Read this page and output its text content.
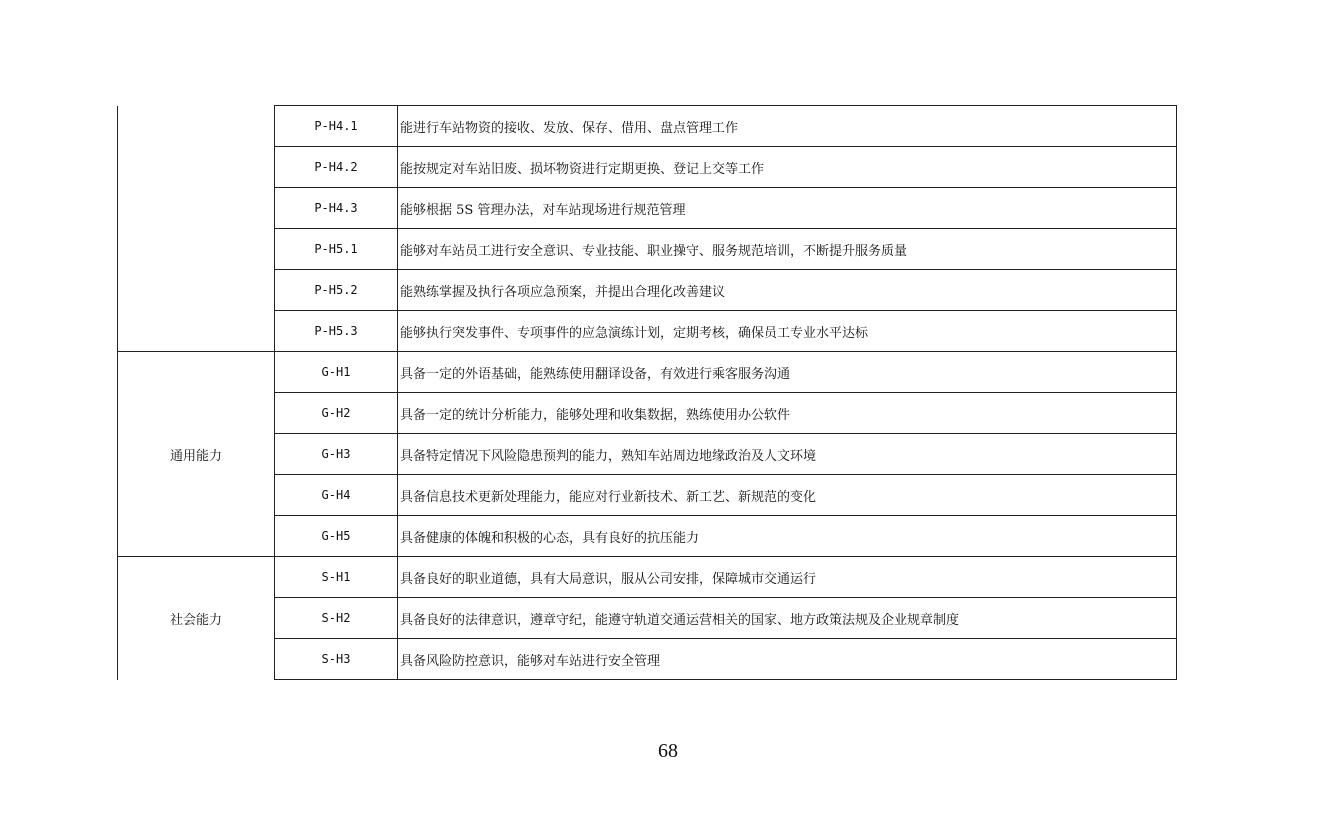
	P-H4.1	能进行车站物资的接收、发放、保存、借用、盘点管理工作
	P-H4.2	能按规定对车站旧废、损坏物资进行定期更换、登记上交等工作
	P-H4.3	能够根据 5S 管理办法，对车站现场进行规范管理
	P-H5.1	能够对车站员工进行安全意识、专业技能、职业操守、服务规范培训，不断提升服务质量
	P-H5.2	能熟练掌握及执行各项应急预案，并提出合理化改善建议
	P-H5.3	能够执行突发事件、专项事件的应急演练计划，定期考核，确保员工专业水平达标
通用能力	G-H1	具备一定的外语基础，能熟练使用翻译设备，有效进行乘客服务沟通
	G-H2	具备一定的统计分析能力，能够处理和收集数据，熟练使用办公软件
	G-H3	具备特定情况下风险隐患预判的能力，熟知车站周边地缘政治及人文环境
	G-H4	具备信息技术更新处理能力，能应对行业新技术、新工艺、新规范的变化
	G-H5	具备健康的体魄和积极的心态，具有良好的抗压能力
社会能力	S-H1	具备良好的职业道德，具有大局意识，服从公司安排，保障城市交通运行
	S-H2	具备良好的法律意识，遵章守纪，能遵守轨道交通运营相关的国家、地方政策法规及企业规章制度
	S-H3	具备风险防控意识，能够对车站进行安全管理
68
